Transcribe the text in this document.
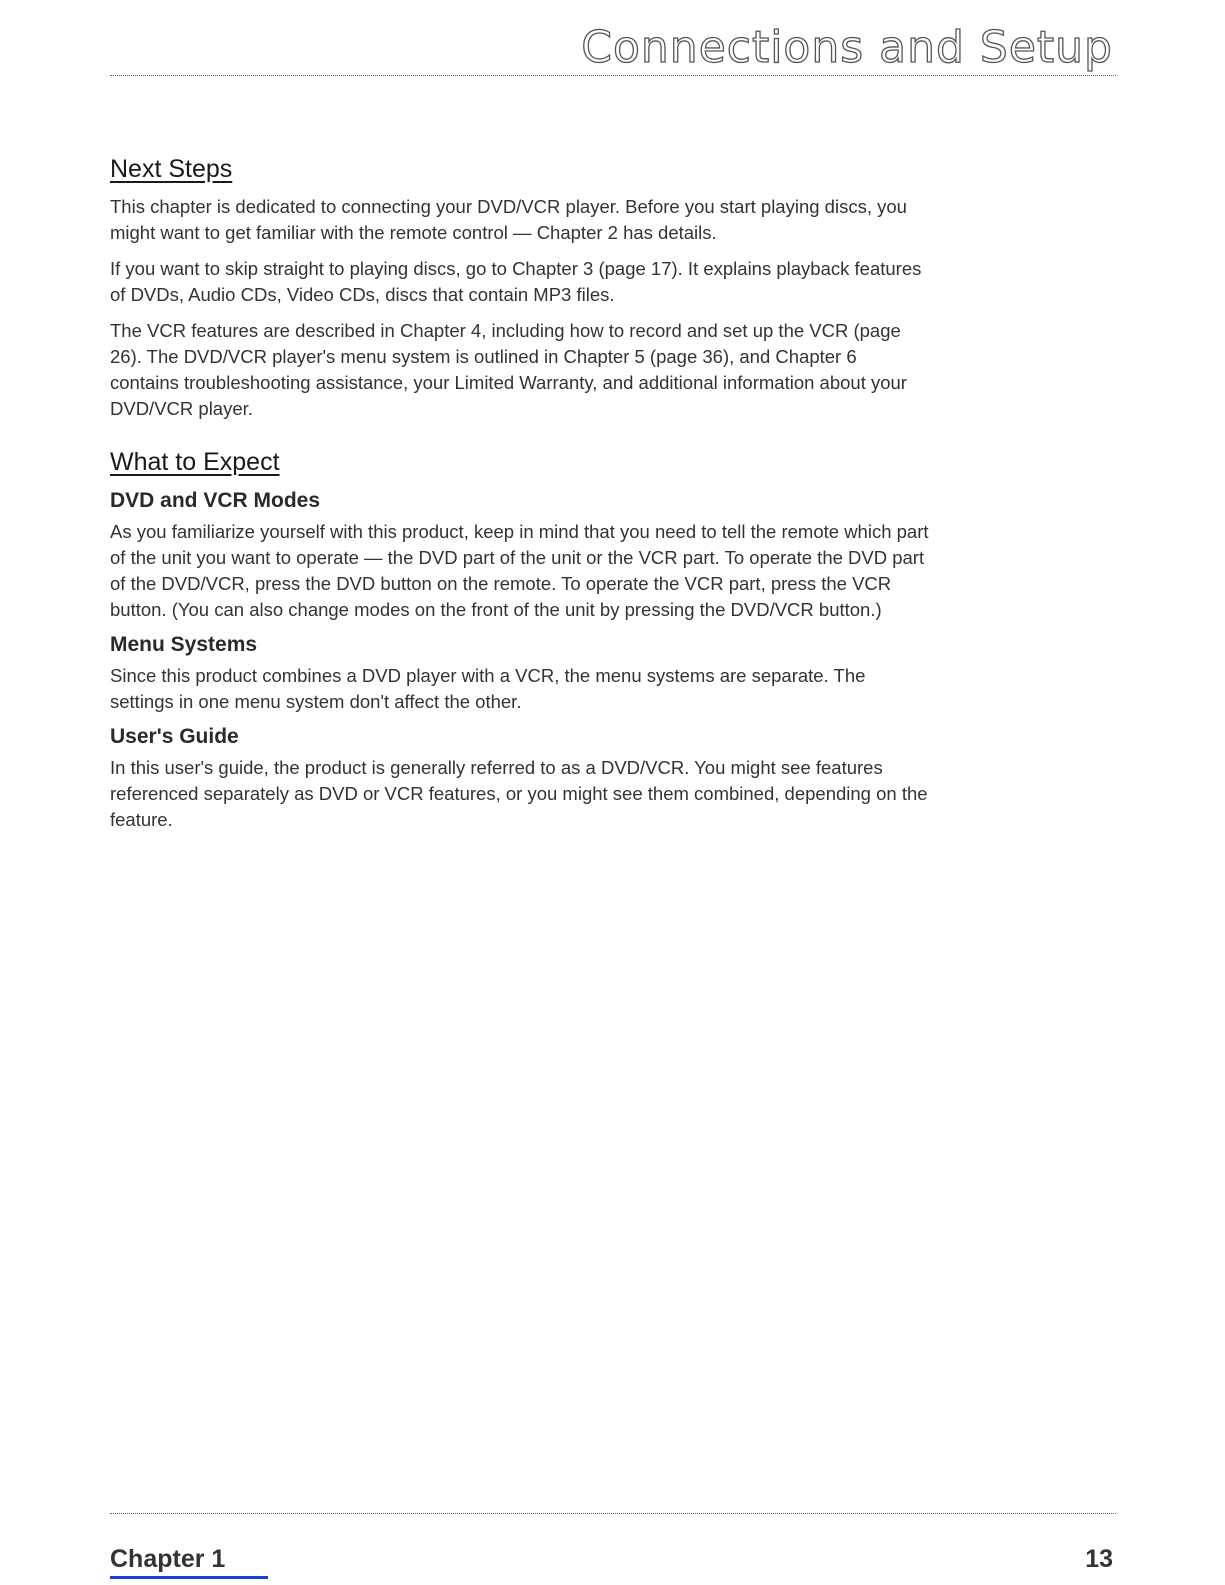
Connections and Setup
Next Steps

This chapter is dedicated to connecting your DVD/VCR player. Before you start playing discs, you might want to get familiar with the remote control — Chapter 2 has details.

If you want to skip straight to playing discs, go to Chapter 3 (page 17). It explains playback features of DVDs, Audio CDs, Video CDs, discs that contain MP3 files.

The VCR features are described in Chapter 4, including how to record and set up the VCR (page 26). The DVD/VCR player's menu system is outlined in Chapter 5 (page 36), and Chapter 6 contains troubleshooting assistance, your Limited Warranty, and additional information about your DVD/VCR player.

What to Expect
DVD and VCR Modes

As you familiarize yourself with this product, keep in mind that you need to tell the remote which part of the unit you want to operate — the DVD part of the unit or the VCR part. To operate the DVD part of the DVD/VCR, press the DVD button on the remote. To operate the VCR part, press the VCR button. (You can also change modes on the front of the unit by pressing the DVD/VCR button.)

Menu Systems

Since this product combines a DVD player with a VCR, the menu systems are separate. The settings in one menu system don't affect the other.

User's Guide

In this user's guide, the product is generally referred to as a DVD/VCR. You might see features referenced separately as DVD or VCR features, or you might see them combined, depending on the feature.

Chapter 1	13
